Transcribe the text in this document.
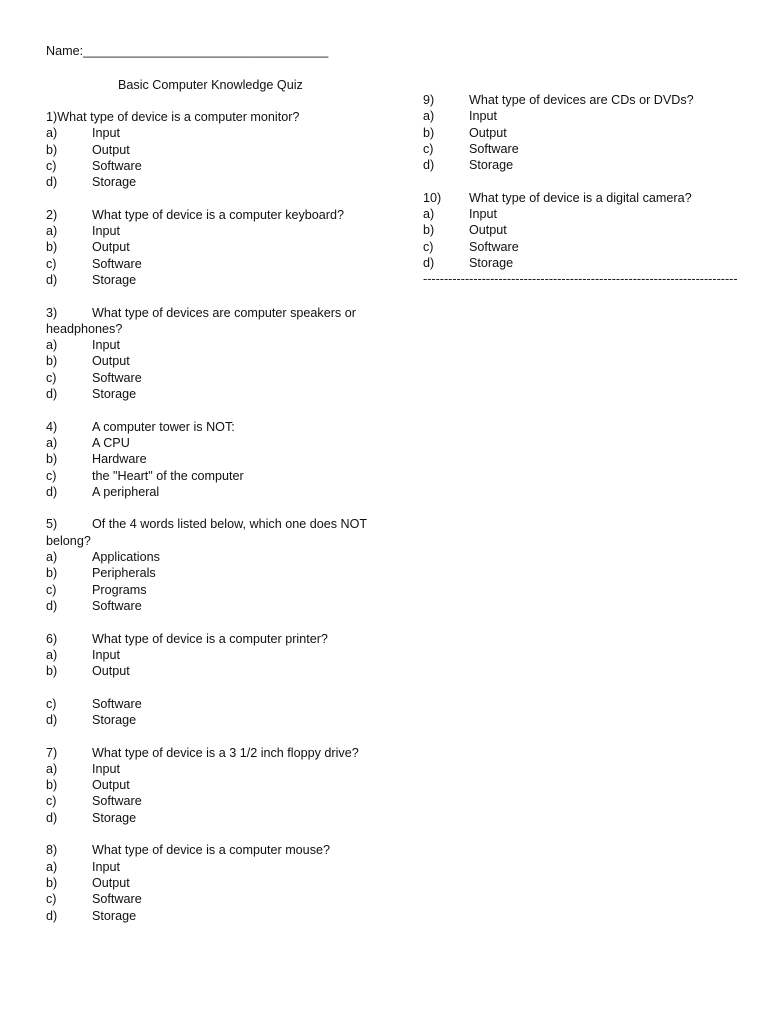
Name:___________________________________
Basic Computer Knowledge Quiz
1)What type of device is a computer monitor?
a)	Input
b)	Output
c)	Software
d)	Storage
2)	What type of device is a computer keyboard?
a)	Input
b)	Output
c)	Software
d)	Storage
3)	What type of devices are computer speakers or
headphones?
a)	Input
b)	Output
c)	Software
d)	Storage
4)	A computer tower is NOT:
a)	A CPU
b)	Hardware
c)	the "Heart" of the computer
d)	A peripheral
5)	Of the 4 words listed below, which one does NOT
belong?
a)	Applications
b)	Peripherals
c)	Programs
d)	Software
6)	What type of device is a computer printer?
a)	Input
b)	Output
c)	Software
d)	Storage
7)	What type of device is a 3 1/2 inch floppy drive?
a)	Input
b)	Output
c)	Software
d)	Storage
8)	What type of device is a computer mouse?
a)	Input
b)	Output
c)	Software
d)	Storage
9)	What type of devices are CDs or DVDs?
a)	Input
b)	Output
c)	Software
d)	Storage
10) What type of device is a digital camera?
a)	Input
b)	Output
c)	Software
d)	Storage
---------------------------------------------------------------------------
